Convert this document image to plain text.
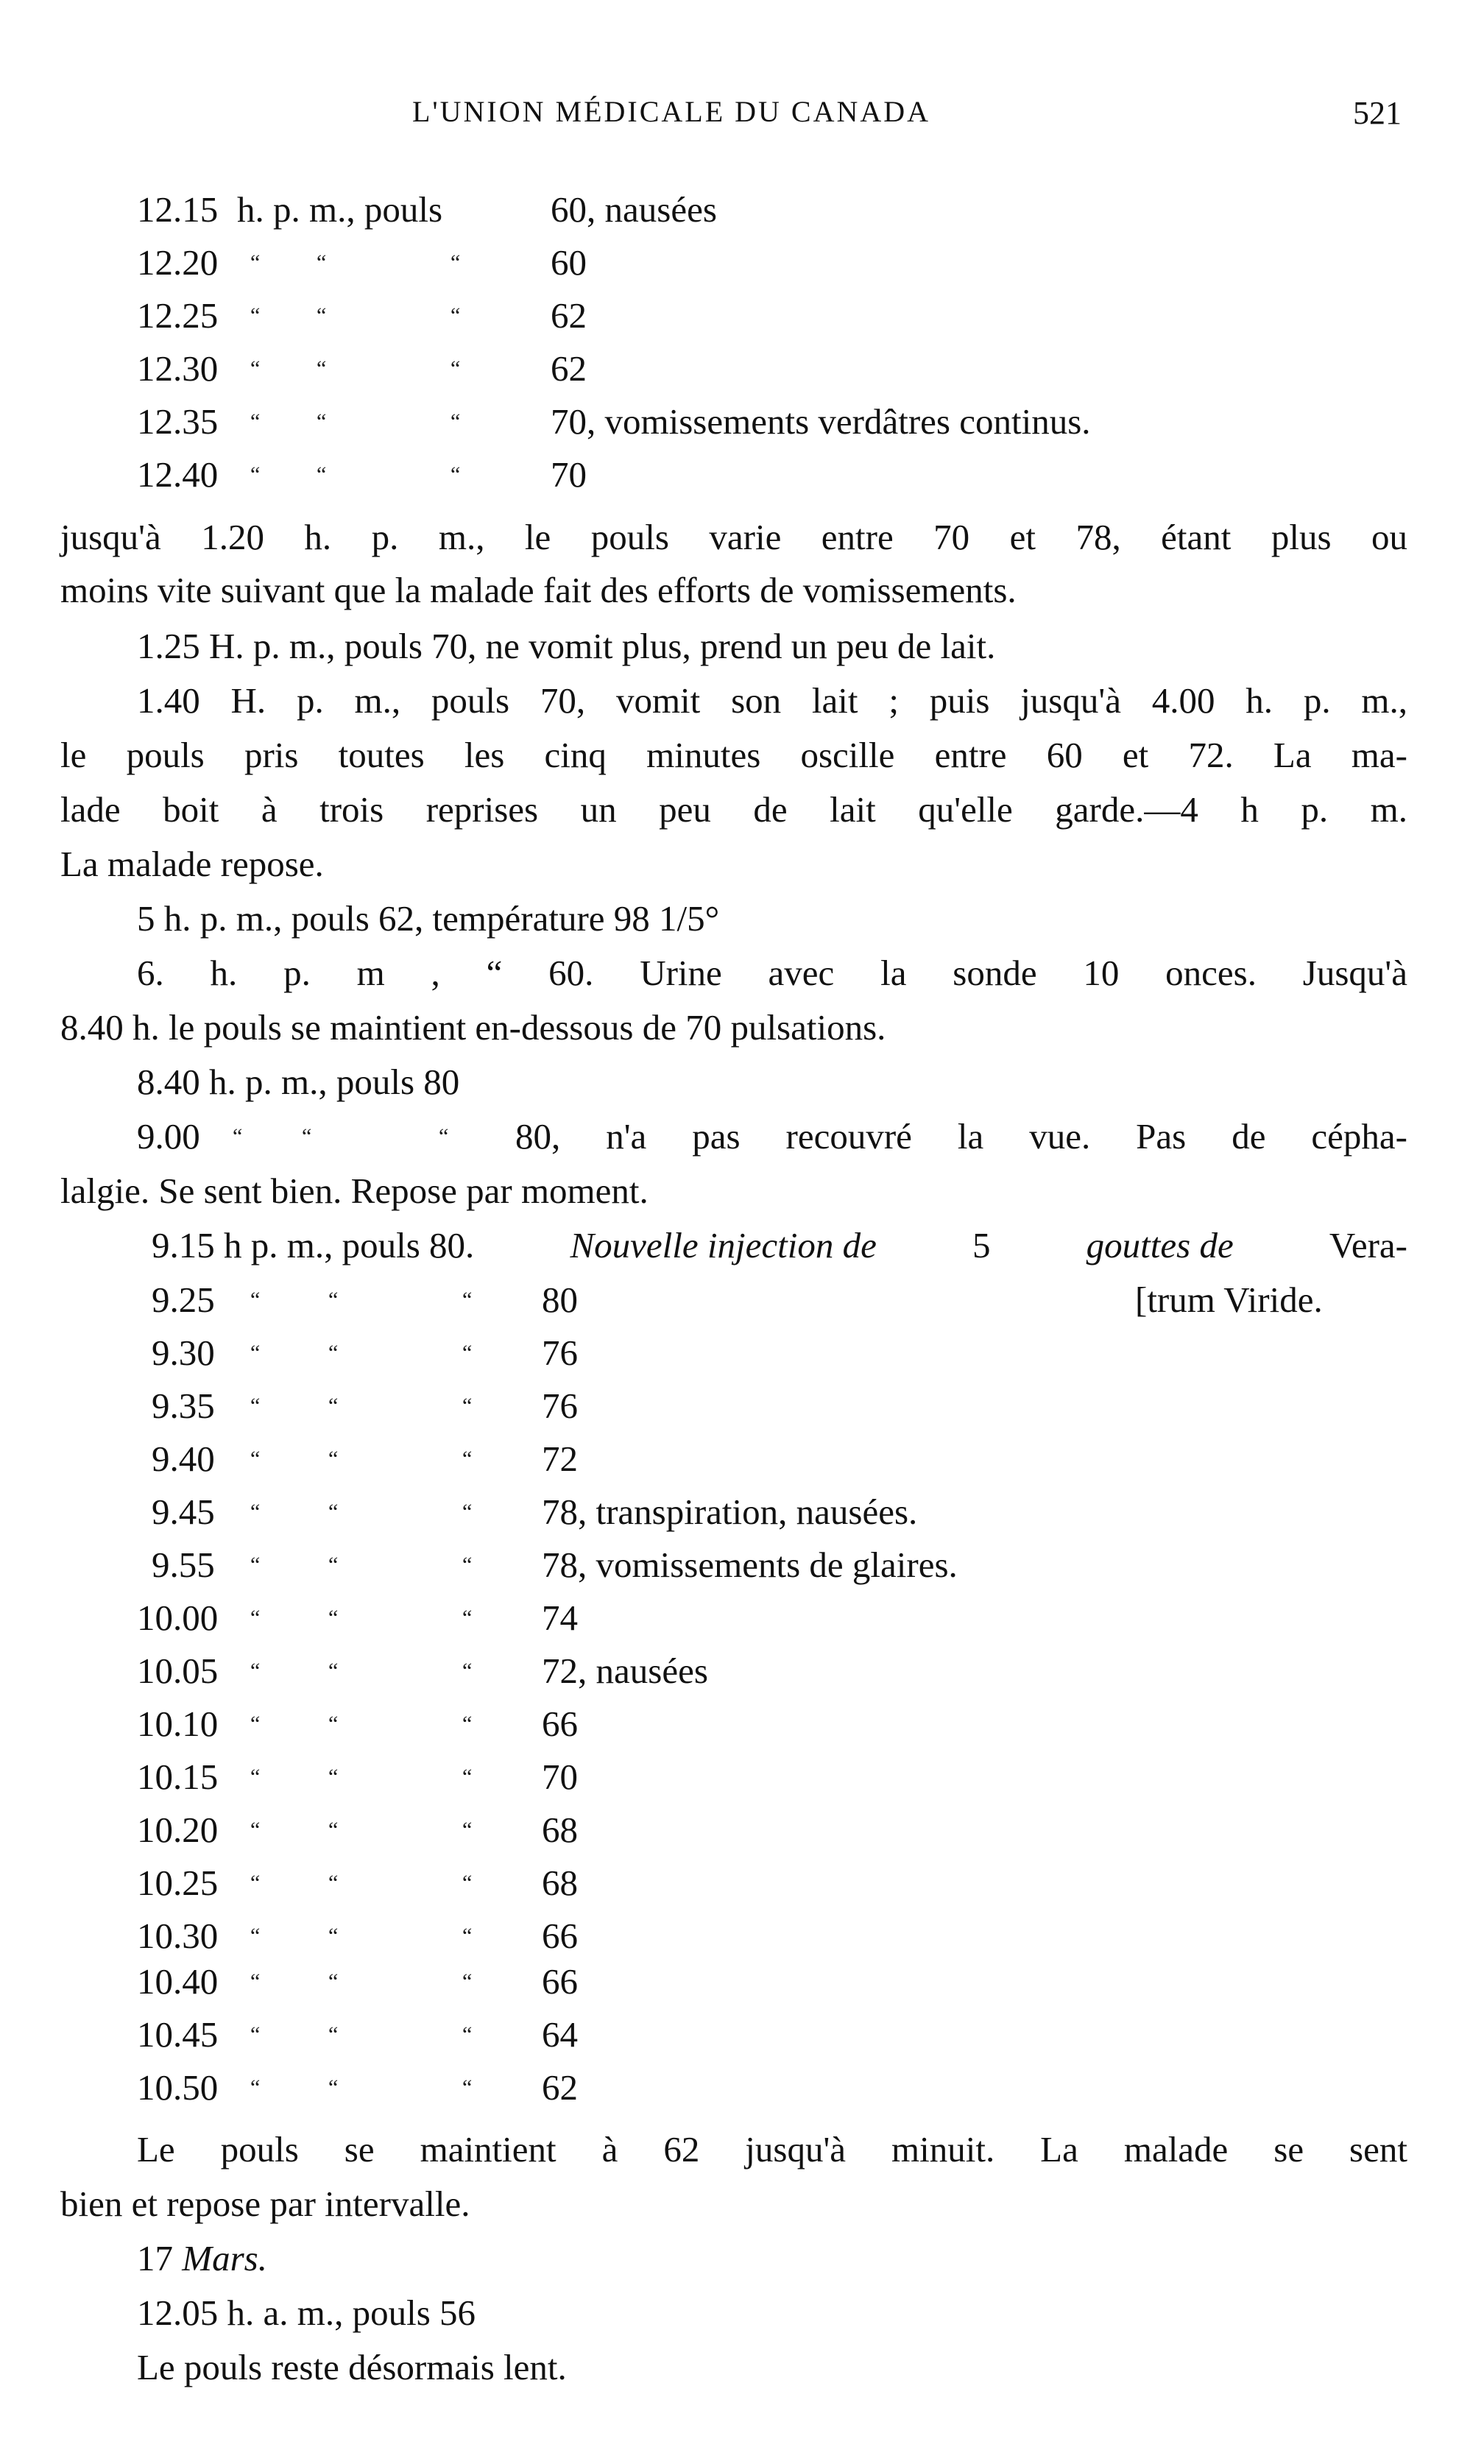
L'UNION MÉDICALE DU CANADA	521
12.15 h. p. m., pouls	60, nausées
12.20 “	“	“	60
12.25 “	“	“	62
12.30 “	“	“	62
12.35 “	“	“	70, vomissements verdâtres continus.
12.40 “	“	“	70
jusqu'à 1.20 h. p. m., le pouls varie entre 70 et 78, étant plus ou
moins vite suivant que la malade fait des efforts de vomissements.
1.25 H. p. m., pouls 70, ne vomit plus, prend un peu de lait.
1.40 H. p. m., pouls 70, vomit son lait ; puis jusqu'à 4.00 h. p. m.,
le pouls pris toutes les cinq minutes oscille entre 60 et 72. La ma-
lade boit à trois reprises un peu de lait qu'elle garde.—4 h p. m.
La malade repose.
5 h. p. m., pouls 62, température 98 1/5°
6. h. p. m , “ 60. Urine avec la sonde 10 onces. Jusqu'à
8.40 h. le pouls se maintient en-dessous de 70 pulsations.
8.40 h. p. m., pouls 80
9.00 “	“	“ 80, n'a pas recouvré la vue. Pas de cépha-
lalgie. Se sent bien. Repose par moment.
9.15 h p. m., pouls 80.	Nouvelle injection de	5	gouttes de	Vera-
9.25 “	“	“ 80	[trum Viride.
9.30 “	“	“ 76
9.35 “	“	“ 76
9.40 “	“	“ 72
9.45 “	“	“ 78, transpiration, nausées.
9.55 “	“	“ 78, vomissements de glaires.
10.00 “	“	“ 74
10.05 “	“	“ 72, nausées
10.10 “	“	“ 66
10.15 “	“	“ 70
10.20 “	“	“ 68
10.25 “	“	“ 68
10.30 “	“	“ 66
10.40 “	“	“ 66
10.45 “	“	“ 64
10.50 “	“	“ 62
Le pouls se maintient à 62 jusqu'à minuit. La malade se sent
bien et repose par intervalle.
17 Mars.
12.05 h. a. m., pouls 56
Le pouls reste désormais lent.
